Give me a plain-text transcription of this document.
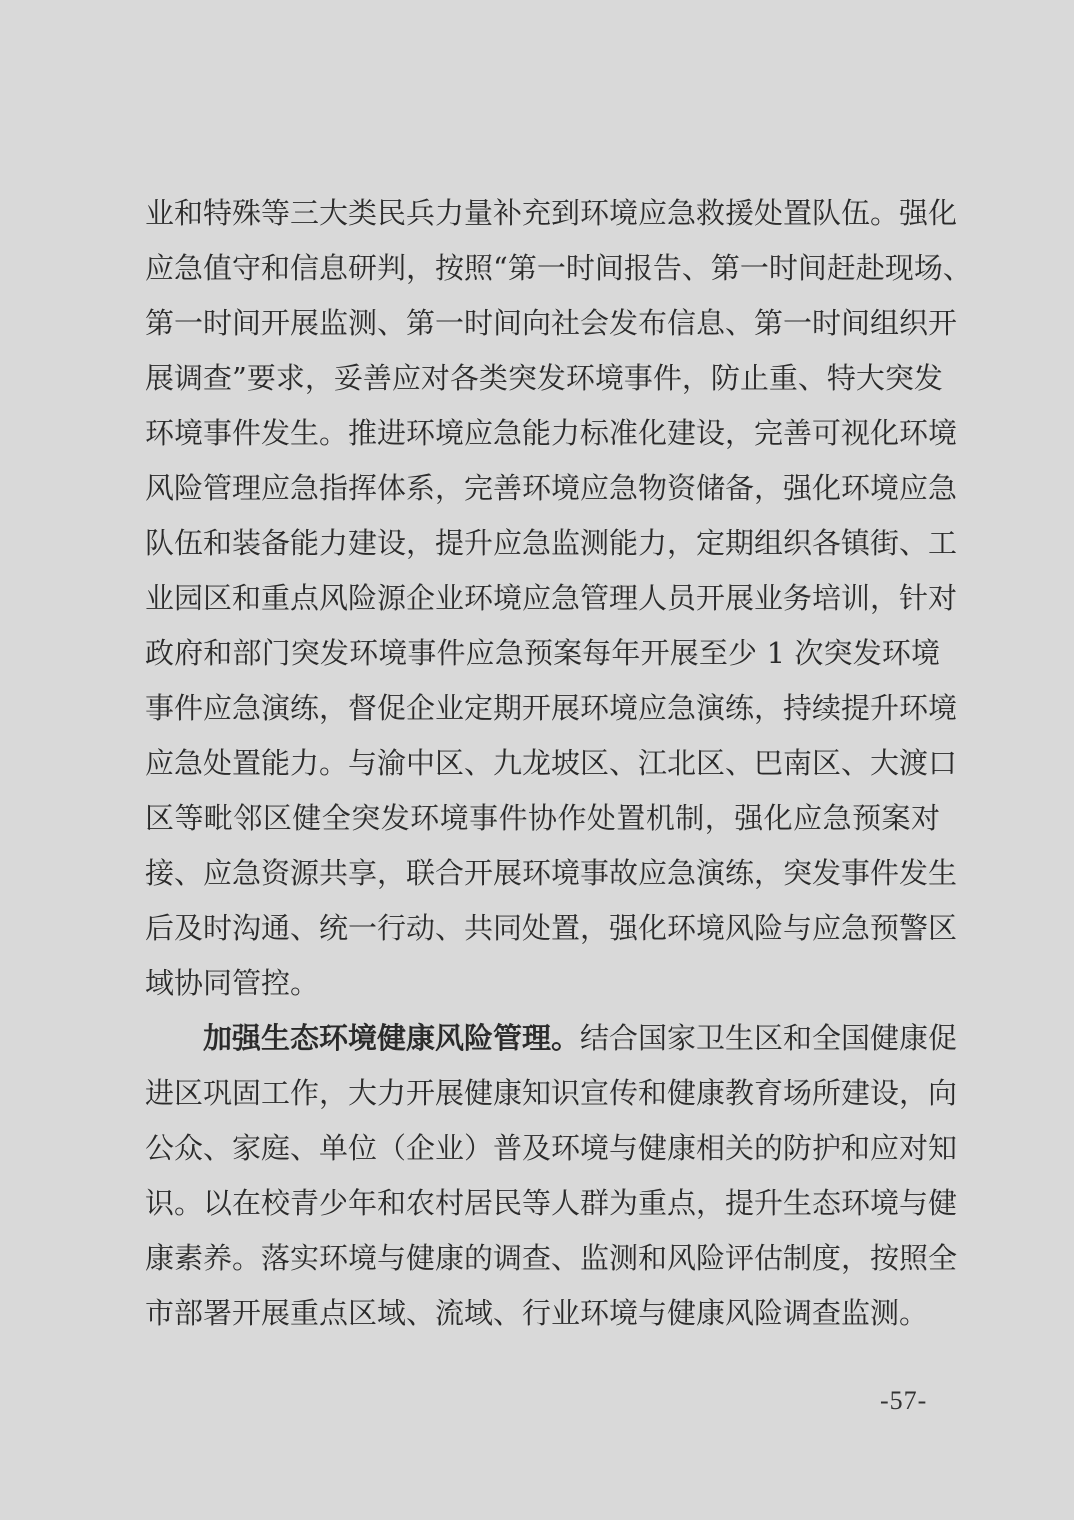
业和特殊等三大类民兵力量补充到环境应急救援处置队伍。强化
应急值守和信息研判，按照“第一时间报告、第一时间赶赴现场、
第一时间开展监测、第一时间向社会发布信息、第一时间组织开
展调查”要求，妥善应对各类突发环境事件，防止重、特大突发
环境事件发生。推进环境应急能力标准化建设，完善可视化环境
风险管理应急指挥体系，完善环境应急物资储备，强化环境应急
队伍和装备能力建设，提升应急监测能力，定期组织各镇街、工
业园区和重点风险源企业环境应急管理人员开展业务培训，针对
政府和部门突发环境事件应急预案每年开展至少 1 次突发环境
事件应急演练，督促企业定期开展环境应急演练，持续提升环境
应急处置能力。与渝中区、九龙坡区、江北区、巴南区、大渡口
区等毗邻区健全突发环境事件协作处置机制，强化应急预案对
接、应急资源共享，联合开展环境事故应急演练，突发事件发生
后及时沟通、统一行动、共同处置，强化环境风险与应急预警区
域协同管控。
加强生态环境健康风险管理。结合国家卫生区和全国健康促
进区巩固工作，大力开展健康知识宣传和健康教育场所建设，向
公众、家庭、单位（企业）普及环境与健康相关的防护和应对知
识。以在校青少年和农村居民等人群为重点，提升生态环境与健
康素养。落实环境与健康的调查、监测和风险评估制度，按照全
市部署开展重点区域、流域、行业环境与健康风险调查监测。
-57-
